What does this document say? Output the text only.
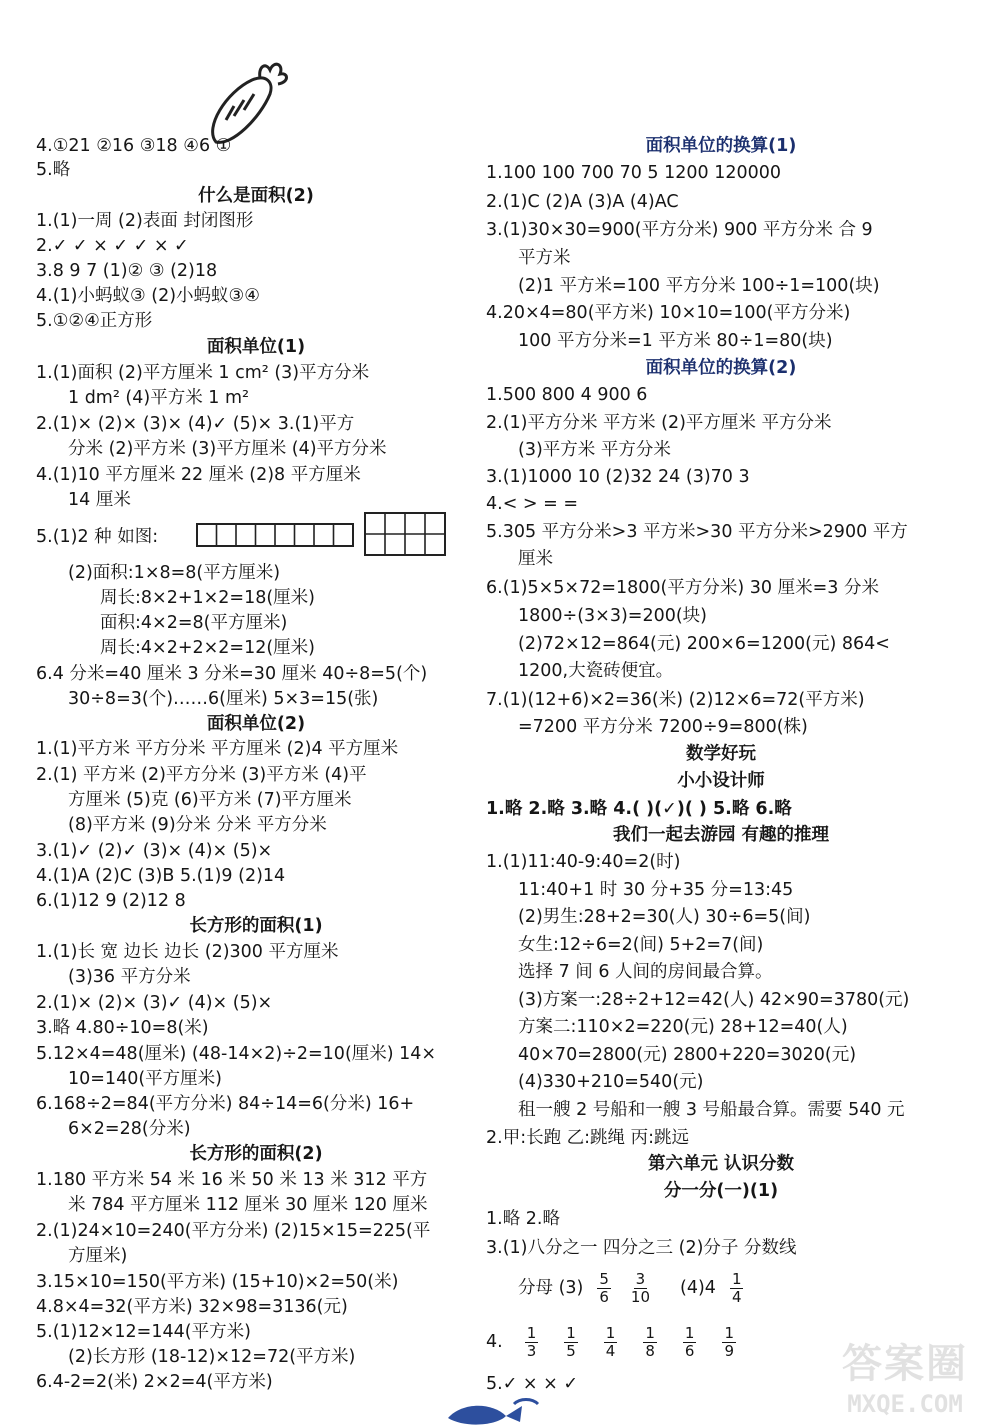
4.①21 ②16 ③18 ④6 ①
5.略
什么是面积(2)
1.(1)一周 (2)表面 封闭图形
2.✓ ✓ × ✓ ✓ × ✓
3.8 9 7 (1)② ③ (2)18
4.(1)小蚂蚁③ (2)小蚂蚁③④
5.①②④正方形
面积单位(1)
1.(1)面积 (2)平方厘米 1 cm² (3)平方分米
1 dm² (4)平方米 1 m²
2.(1)× (2)× (3)× (4)✓ (5)× 3.(1)平方
分米 (2)平方米 (3)平方厘米 (4)平方分米
4.(1)10 平方厘米 22 厘米 (2)8 平方厘米
14 厘米
5.(1)2 种 如图:
(2)面积:1×8=8(平方厘米)
周长:8×2+1×2=18(厘米)
面积:4×2=8(平方厘米)
周长:4×2+2×2=12(厘米)
6.4 分米=40 厘米 3 分米=30 厘米 40÷8=5(个)
30÷8=3(个)……6(厘米) 5×3=15(张)
面积单位(2)
1.(1)平方米 平方分米 平方厘米 (2)4 平方厘米
2.(1) 平方米 (2)平方分米 (3)平方米 (4)平
方厘米 (5)克 (6)平方米 (7)平方厘米
(8)平方米 (9)分米 分米 平方分米
3.(1)✓ (2)✓ (3)× (4)× (5)×
4.(1)A (2)C (3)B 5.(1)9 (2)14
6.(1)12 9 (2)12 8
长方形的面积(1)
1.(1)长 宽 边长 边长 (2)300 平方厘米
(3)36 平方分米
2.(1)× (2)× (3)✓ (4)× (5)×
3.略 4.80÷10=8(米)
5.12×4=48(厘米) (48-14×2)÷2=10(厘米) 14×
10=140(平方厘米)
6.168÷2=84(平方分米) 84÷14=6(分米) 16+
6×2=28(分米)
长方形的面积(2)
1.180 平方米 54 米 16 米 50 米 13 米 312 平方
米 784 平方厘米 112 厘米 30 厘米 120 厘米
2.(1)24×10=240(平方分米) (2)15×15=225(平
方厘米)
3.15×10=150(平方米) (15+10)×2=50(米)
4.8×4=32(平方米) 32×98=3136(元)
5.(1)12×12=144(平方米)
(2)长方形 (18-12)×12=72(平方米)
6.4-2=2(米) 2×2=4(平方米)
面积单位的换算(1)
1.100 100 700 70 5 1200 120000
2.(1)C (2)A (3)A (4)AC
3.(1)30×30=900(平方分米) 900 平方分米 合 9
平方米
(2)1 平方米=100 平方分米 100÷1=100(块)
4.20×4=80(平方米) 10×10=100(平方分米)
100 平方分米=1 平方米 80÷1=80(块)
面积单位的换算(2)
1.500 800 4 900 6
2.(1)平方分米 平方米 (2)平方厘米 平方分米
(3)平方米 平方分米
3.(1)1000 10 (2)32 24 (3)70 3
4.< > = =
5.305 平方分米>3 平方米>30 平方分米>2900 平方
厘米
6.(1)5×5×72=1800(平方分米) 30 厘米=3 分米
1800÷(3×3)=200(块)
(2)72×12=864(元) 200×6=1200(元) 864<
1200,大瓷砖便宜。
7.(1)(12+6)×2=36(米) (2)12×6=72(平方米)
=7200 平方分米 7200÷9=800(株)
数学好玩
小小设计师
1.略 2.略 3.略 4.( )(✓)( ) 5.略 6.略
我们一起去游园 有趣的推理
1.(1)11:40-9:40=2(时)
11:40+1 时 30 分+35 分=13:45
(2)男生:28+2=30(人) 30÷6=5(间)
女生:12÷6=2(间) 5+2=7(间)
选择 7 间 6 人间的房间最合算。
(3)方案一:28÷2+12=42(人) 42×90=3780(元)
方案二:110×2=220(元) 28+12=40(人)
40×70=2800(元) 2800+220=3020(元)
(4)330+210=540(元)
租一艘 2 号船和一艘 3 号船最合算。需要 540 元
2.甲:长跑 乙:跳绳 丙:跳远
第六单元 认识分数
分一分(一)(1)
1.略 2.略
3.(1)八分之一 四分之三 (2)分子 分数线
分母 $(3) \frac{5}{6} \frac{3}{10} (4)4 \frac{1}{4}$
4. $\frac{1}{3} \frac{1}{5} \frac{1}{4} \frac{1}{8} \frac{1}{6} \frac{1}{9}$
5.✓ × × ✓	答案圈
MXQE.COM
